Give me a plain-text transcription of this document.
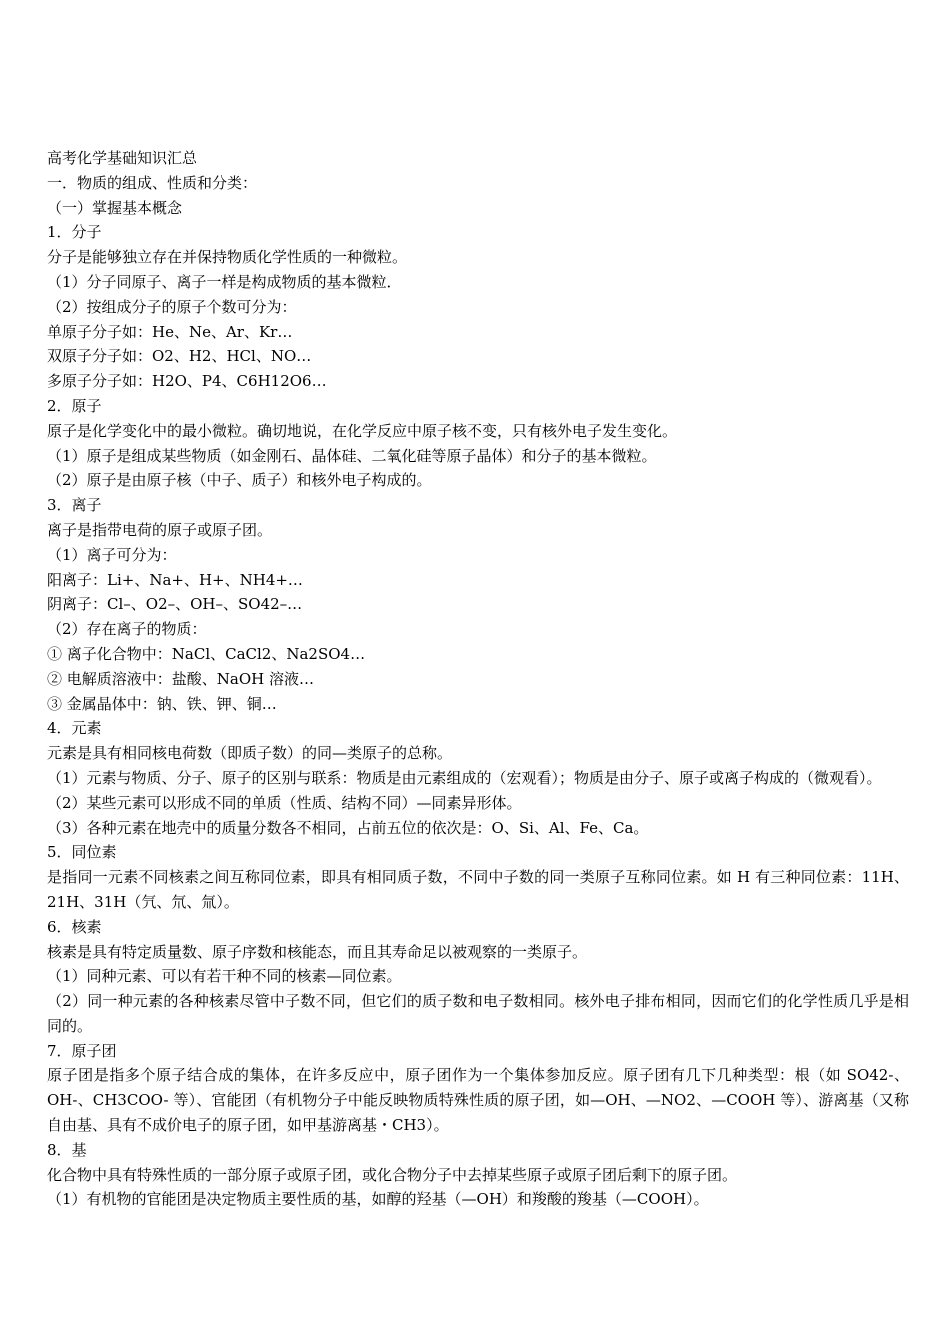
高考化学基础知识汇总
一．物质的组成、性质和分类：
（一）掌握基本概念
1．分子
分子是能够独立存在并保持物质化学性质的一种微粒。
（1）分子同原子、离子一样是构成物质的基本微粒．
（2）按组成分子的原子个数可分为：
单原子分子如：He、Ne、Ar、Kr…
双原子分子如：O2、H2、HCl、NO…
多原子分子如：H2O、P4、C6H12O6…
2．原子
原子是化学变化中的最小微粒。确切地说，在化学反应中原子核不变，只有核外电子发生变化。
（1）原子是组成某些物质（如金刚石、晶体硅、二氧化硅等原子晶体）和分子的基本微粒。
（2）原子是由原子核（中子、质子）和核外电子构成的。
3．离子
离子是指带电荷的原子或原子团。
（1）离子可分为：
阳离子：Li+、Na+、H+、NH4+…
阴离子：Cl–、O2–、OH–、SO42–…
（2）存在离子的物质：
① 离子化合物中：NaCl、CaCl2、Na2SO4…
② 电解质溶液中：盐酸、NaOH 溶液…
③ 金属晶体中：钠、铁、钾、铜…
4．元素
元素是具有相同核电荷数（即质子数）的同—类原子的总称。
（1）元素与物质、分子、原子的区别与联系：物质是由元素组成的（宏观看）；物质是由分子、原子或离子构成的（微观看）。
（2）某些元素可以形成不同的单质（性质、结构不同）—同素异形体。
（3）各种元素在地壳中的质量分数各不相同，占前五位的依次是：O、Si、Al、Fe、Ca。
5．同位素
是指同一元素不同核素之间互称同位素，即具有相同质子数，不同中子数的同一类原子互称同位素。如 H 有三种同位素：11H、21H、31H（氕、氘、氚）。
6．核素
核素是具有特定质量数、原子序数和核能态，而且其寿命足以被观察的一类原子。
（1）同种元素、可以有若干种不同的核素—同位素。
（2）同一种元素的各种核素尽管中子数不同，但它们的质子数和电子数相同。核外电子排布相同，因而它们的化学性质几乎是相同的。
7．原子团
原子团是指多个原子结合成的集体，在许多反应中，原子团作为一个集体参加反应。原子团有几下几种类型：根（如 SO42-、OH-、CH3COO- 等）、官能团（有机物分子中能反映物质特殊性质的原子团，如—OH、—NO2、—COOH 等）、游离基（又称自由基、具有不成价电子的原子团，如甲基游离基・CH3）。
8．基
化合物中具有特殊性质的一部分原子或原子团，或化合物分子中去掉某些原子或原子团后剩下的原子团。
（1）有机物的官能团是决定物质主要性质的基，如醇的羟基（—OH）和羧酸的羧基（—COOH）。
